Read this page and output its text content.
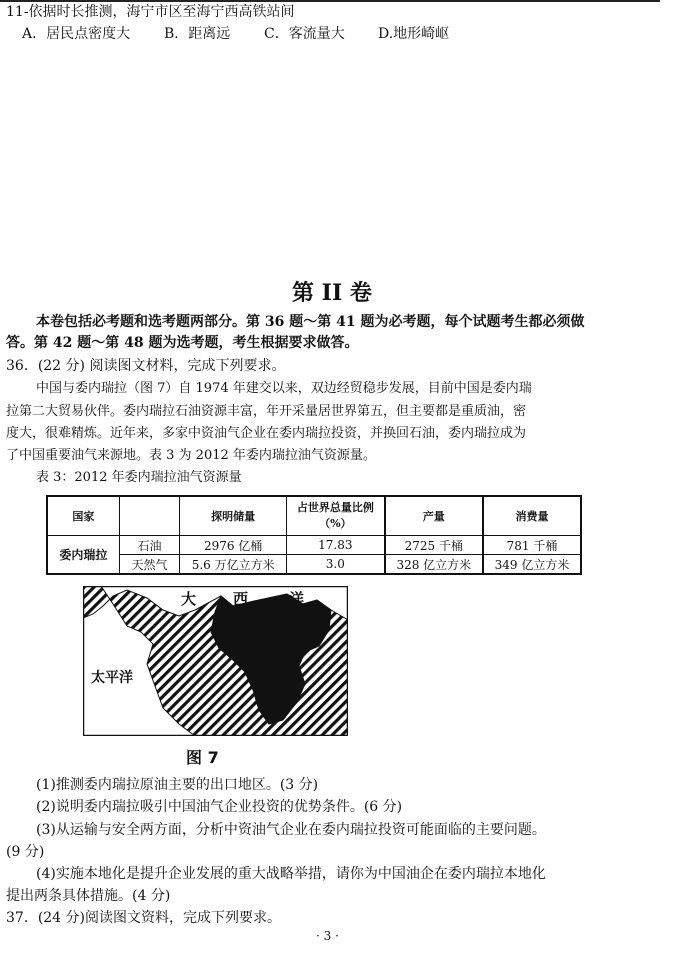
11-依据时长推测，海宁市区至海宁西高铁站间
A．居民点密度大 B．距离远 C．客流量大 D.地形崎岖
第 II 卷
本卷包括必考题和选考题两部分。第 36 题～第 41 题为必考题，每个试题考生都必须做
答。第 42 题～第 48 题为选考题，考生根据要求做答。
36．(22 分) 阅读图文材料，完成下列要求。
中国与委内瑞拉（图 7）自 1974 年建交以来，双边经贸稳步发展，目前中国是委内瑞
拉第二大贸易伙伴。委内瑞拉石油资源丰富，年开采量居世界第五，但主要都是重质油，密
度大，很难精炼。近年来，多家中资油气企业在委内瑞拉投资，并换回石油，委内瑞拉成为
了中国重要油气来源地。表 3 为 2012 年委内瑞拉油气资源量。
表 3：2012 年委内瑞拉油气资源量
国家		探明储量	占世界总量比例（%）	产量	消费量
委内瑞拉	石油	2976 亿桶	17.83	2725 千桶	781 千桶
	天然气	5.6 万亿立方米	3.0	328 亿立方米	349 亿立方米
大 西	洋
太平洋
图 7
(1)推测委内瑞拉原油主要的出口地区。(3 分)
(2)说明委内瑞拉吸引中国油气企业投资的优势条件。(6 分)
(3)从运输与安全两方面，分析中资油气企业在委内瑞拉投资可能面临的主要问题。
(9 分)
(4)实施本地化是提升企业发展的重大战略举措，请你为中国油企在委内瑞拉本地化
提出两条具体措施。(4 分)
37．(24 分)阅读图文资料，完成下列要求。
· 3 ·
